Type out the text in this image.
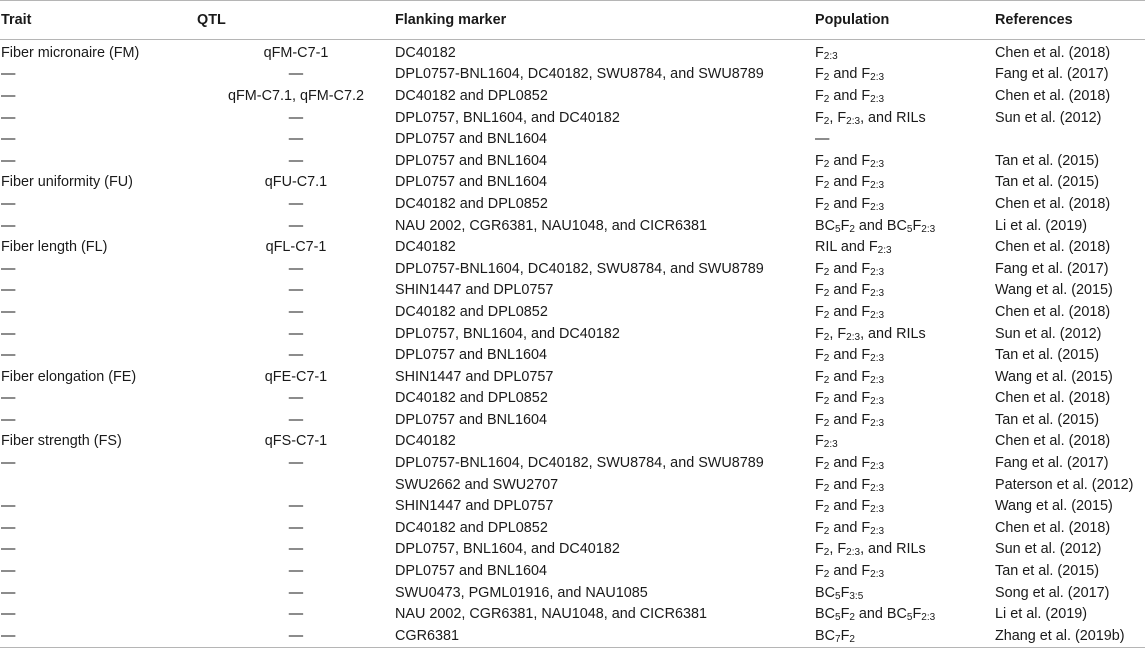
Trait	QTL	Flanking marker	Population	References
Fiber micronaire (FM)	qFM-C7-1	DC40182	$F_{2:3}$	Chen et al. (2018)
—	—	DPL0757-BNL1604, DC40182, SWU8784, and SWU8789	$F_2$ and $F_{2:3}$	Fang et al. (2017)
—	qFM-C7.1, qFM-C7.2	DC40182 and DPL0852	$F_2$ and $F_{2:3}$	Chen et al. (2018)
—	—	DPL0757, BNL1604, and DC40182	$F_2$, $F_{2:3}$, and RILs	Sun et al. (2012)
—	—	DPL0757 and BNL1604	—	
—	—	DPL0757 and BNL1604	$F_2$ and $F_{2:3}$	Tan et al. (2015)
Fiber uniformity (FU)	qFU-C7.1	DPL0757 and BNL1604	$F_2$ and $F_{2:3}$	Tan et al. (2015)
—	—	DC40182 and DPL0852	$F_2$ and $F_{2:3}$	Chen et al. (2018)
—	—	NAU 2002, CGR6381, NAU1048, and CICR6381	$BC_5F_2$ and $BC_5F_{2:3}$	Li et al. (2019)
Fiber length (FL)	qFL-C7-1	DC40182	RIL and $F_{2:3}$	Chen et al. (2018)
—	—	DPL0757-BNL1604, DC40182, SWU8784, and SWU8789	$F_2$ and $F_{2:3}$	Fang et al. (2017)
—	—	SHIN1447 and DPL0757	$F_2$ and $F_{2:3}$	Wang et al. (2015)
—	—	DC40182 and DPL0852	$F_2$ and $F_{2:3}$	Chen et al. (2018)
—	—	DPL0757, BNL1604, and DC40182	$F_2$, $F_{2:3}$, and RILs	Sun et al. (2012)
—	—	DPL0757 and BNL1604	$F_2$ and $F_{2:3}$	Tan et al. (2015)
Fiber elongation (FE)	qFE-C7-1	SHIN1447 and DPL0757	$F_2$ and $F_{2:3}$	Wang et al. (2015)
—	—	DC40182 and DPL0852	$F_2$ and $F_{2:3}$	Chen et al. (2018)
—	—	DPL0757 and BNL1604	$F_2$ and $F_{2:3}$	Tan et al. (2015)
Fiber strength (FS)	qFS-C7-1	DC40182	$F_{2:3}$	Chen et al. (2018)
—	—	DPL0757-BNL1604, DC40182, SWU8784, and SWU8789	$F_2$ and $F_{2:3}$	Fang et al. (2017)
		SWU2662 and SWU2707	$F_2$ and $F_{2:3}$	Paterson et al. (2012)
—	—	SHIN1447 and DPL0757	$F_2$ and $F_{2:3}$	Wang et al. (2015)
—	—	DC40182 and DPL0852	$F_2$ and $F_{2:3}$	Chen et al. (2018)
—	—	DPL0757, BNL1604, and DC40182	$F_2$, $F_{2:3}$, and RILs	Sun et al. (2012)
—	—	DPL0757 and BNL1604	$F_2$ and $F_{2:3}$	Tan et al. (2015)
—	—	SWU0473, PGML01916, and NAU1085	$BC_5F_{3:5}$	Song et al. (2017)
—	—	NAU 2002, CGR6381, NAU1048, and CICR6381	$BC_5F_2$ and $BC_5F_{2:3}$	Li et al. (2019)
—	—	CGR6381	$BC_7F_2$	Zhang et al. (2019b)
